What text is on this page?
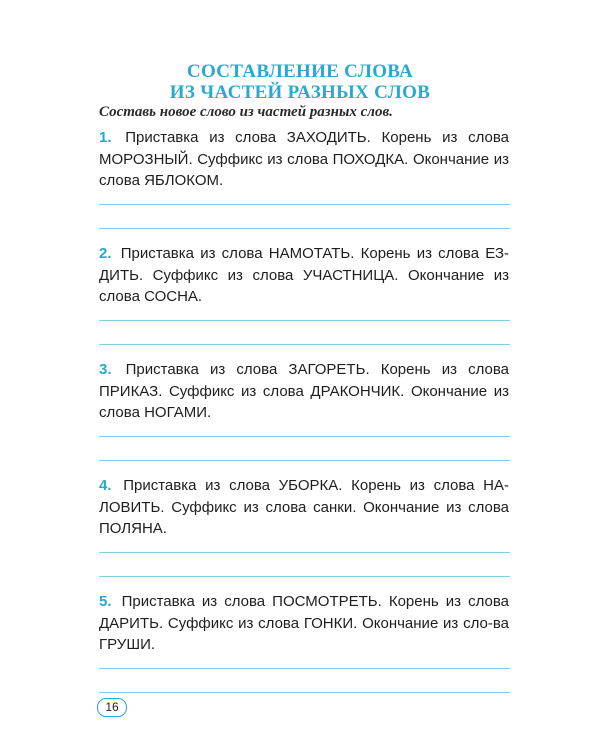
СОСТАВЛЕНИЕ СЛОВА
ИЗ ЧАСТЕЙ РАЗНЫХ СЛОВ
Составь новое слово из частей разных слов.
1. Приставка из слова ЗАХОДИТЬ. Корень из слова МОРОЗНЫЙ. Суффикс из слова ПОХОДКА. Окончание из слова ЯБЛОКОМ.
2. Приставка из слова НАМОТАТЬ. Корень из слова ЕЗ-ДИТЬ. Суффикс из слова УЧАСТНИЦА. Окончание из слова СОСНА.
3. Приставка из слова ЗАГОРЕТЬ. Корень из слова ПРИКАЗ. Суффикс из слова ДРАКОНЧИК. Окончание из слова НОГАМИ.
4. Приставка из слова УБОРКА. Корень из слова НА-ЛОВИТЬ. Суффикс из слова санки. Окончание из слова ПОЛЯНА.
5. Приставка из слова ПОСМОТРЕТЬ. Корень из слова ДАРИТЬ. Суффикс из слова ГОНКИ. Окончание из сло-ва ГРУШИ.
16
